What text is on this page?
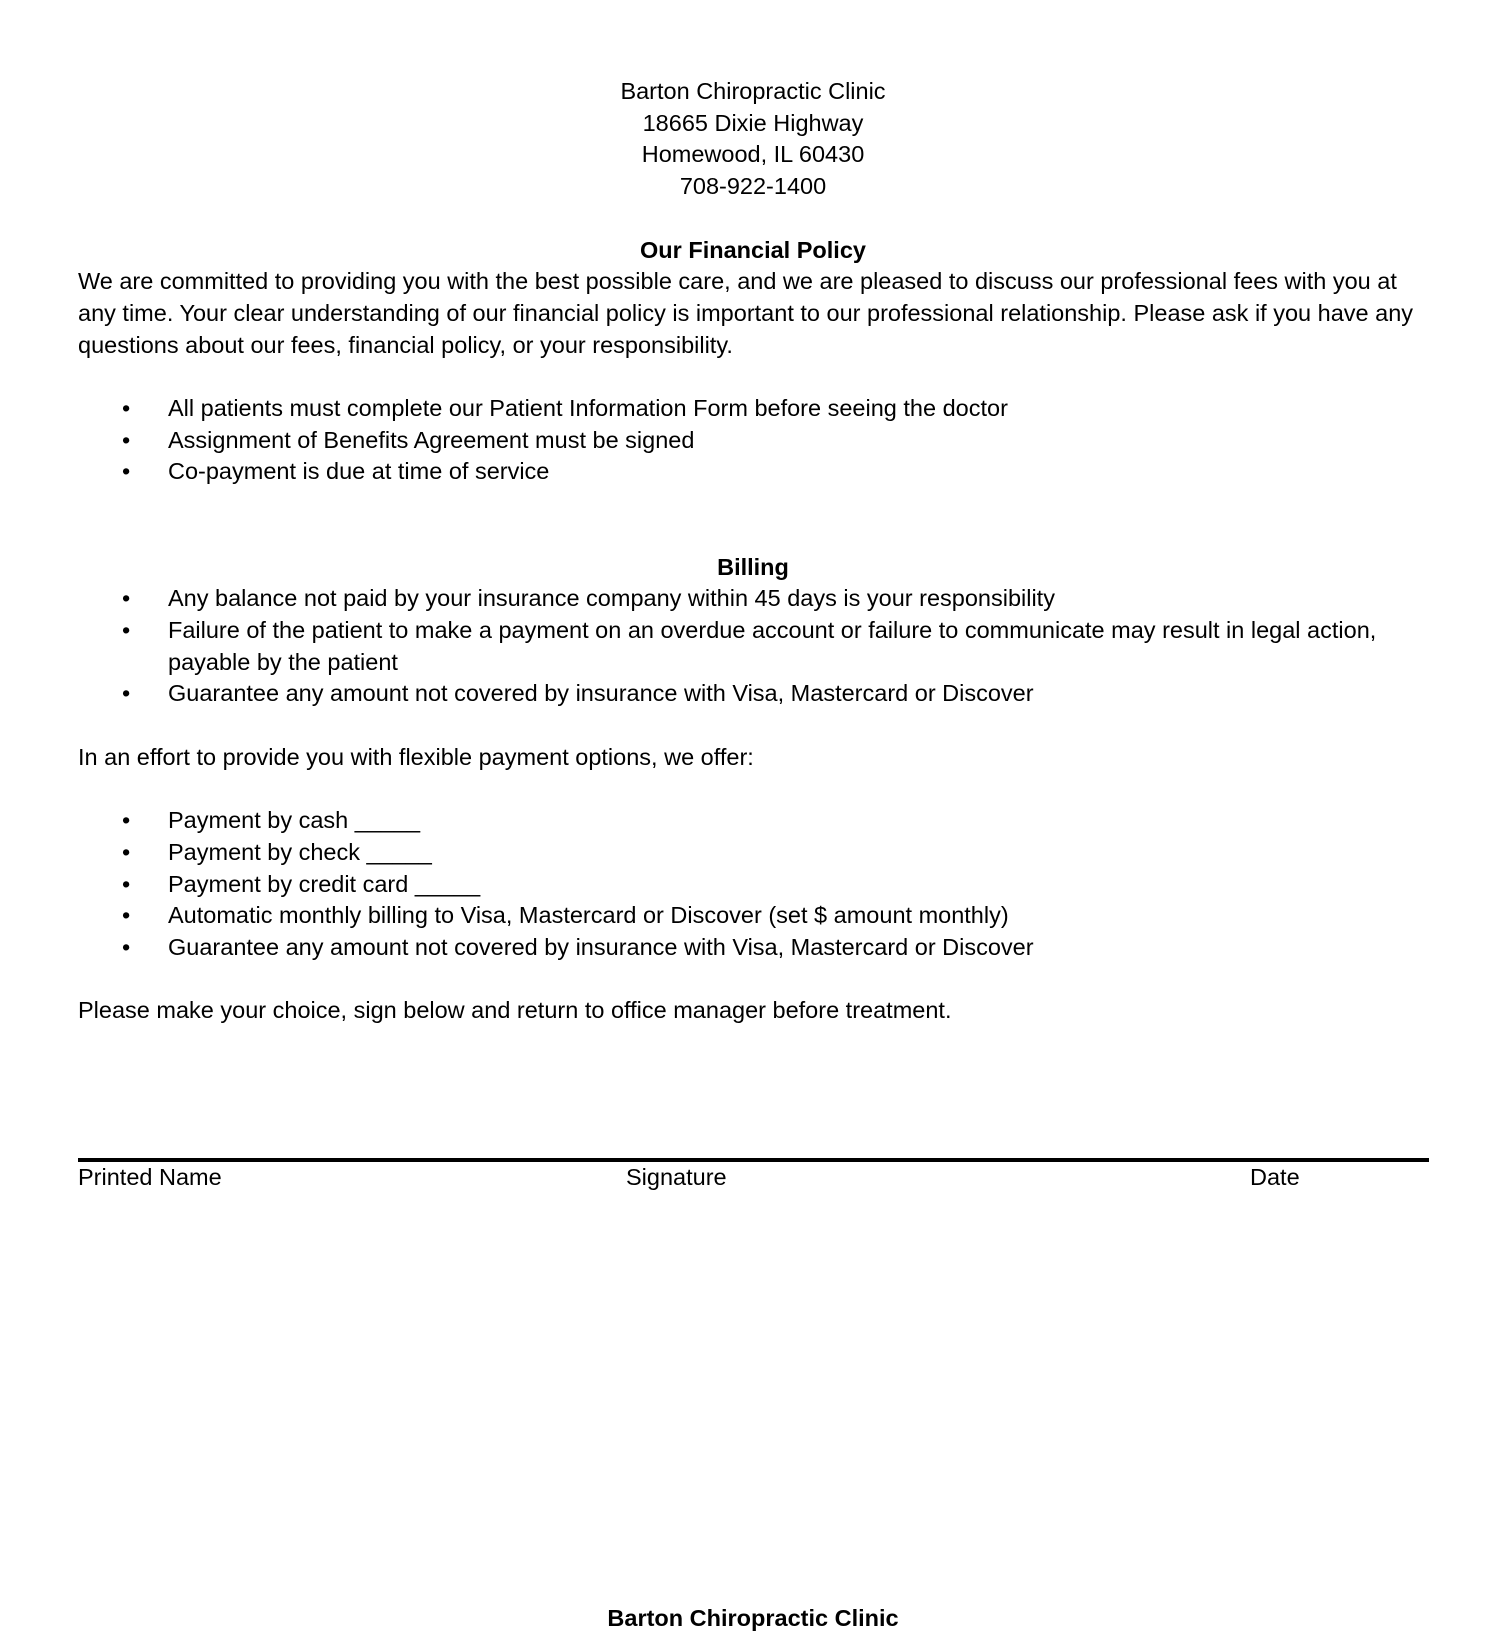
Barton Chiropractic Clinic
18665 Dixie Highway
Homewood, IL 60430
708-922-1400
Our Financial Policy

We are committed to providing you with the best possible care, and we are pleased to discuss our professional fees with you at any time. Your clear understanding of our financial policy is important to our professional relationship. Please ask if you have any questions about our fees, financial policy, or your responsibility.

• All patients must complete our Patient Information Form before seeing the doctor
• Assignment of Benefits Agreement must be signed
• Co-payment is due at time of service
Billing
• Any balance not paid by your insurance company within 45 days is your responsibility
• Failure of the patient to make a payment on an overdue account or failure to communicate may result in legal action, payable by the patient
• Guarantee any amount not covered by insurance with Visa, Mastercard or Discover

In an effort to provide you with flexible payment options, we offer:

• Payment by cash _____
• Payment by check _____
• Payment by credit card _____
• Automatic monthly billing to Visa, Mastercard or Discover (set $ amount monthly)
• Guarantee any amount not covered by insurance with Visa, Mastercard or Discover

Please make your choice, sign below and return to office manager before treatment.

Printed Name	Signature	Date
Barton Chiropractic Clinic
